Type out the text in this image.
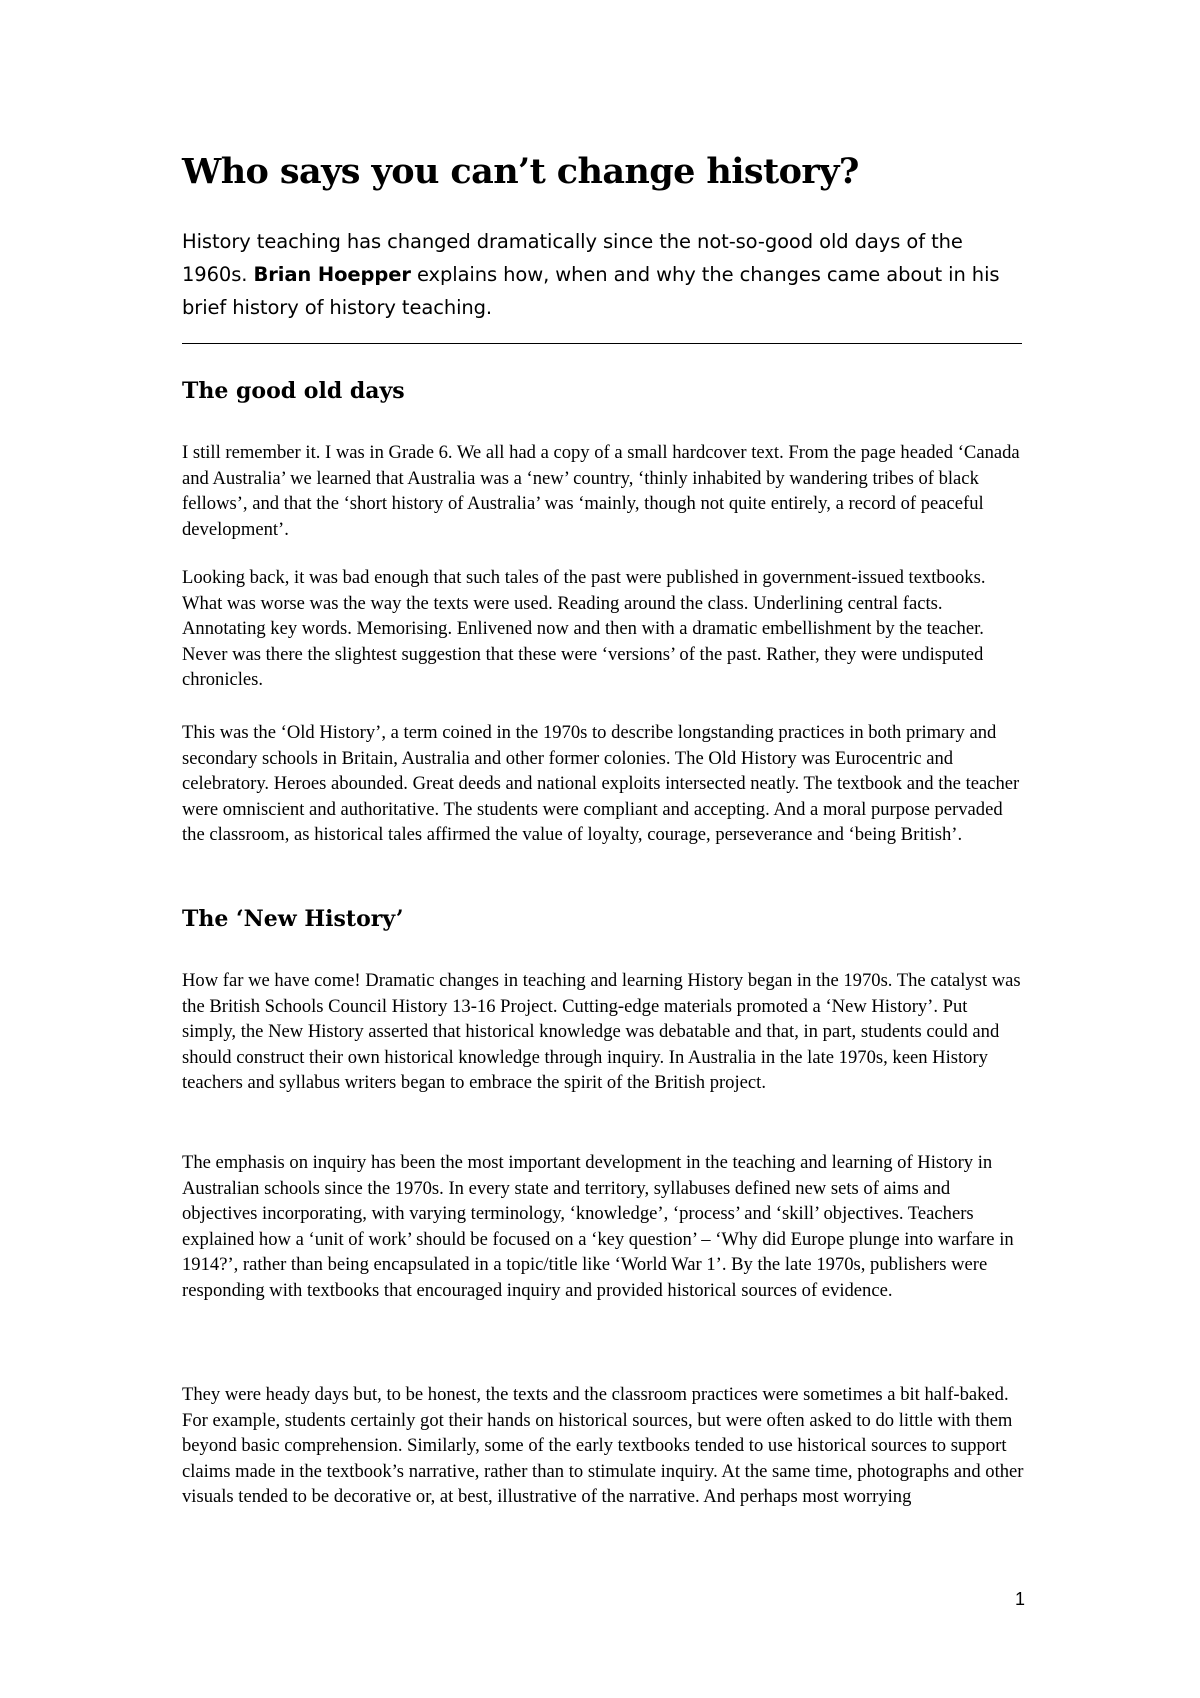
Who says you can’t change history?

History teaching has changed dramatically since the not-so-good old days of the 1960s. Brian Hoepper explains how, when and why the changes came about in his brief history of history teaching.

The good old days

I still remember it. I was in Grade 6. We all had a copy of a small hardcover text. From the page headed ‘Canada and Australia’ we learned that Australia was a ‘new’ country, ‘thinly inhabited by wandering tribes of black fellows’, and that the ‘short history of Australia’ was ‘mainly, though not quite entirely, a record of peaceful development’.

Looking back, it was bad enough that such tales of the past were published in government-issued textbooks. What was worse was the way the texts were used. Reading around the class. Underlining central facts. Annotating key words. Memorising. Enlivened now and then with a dramatic embellishment by the teacher. Never was there the slightest suggestion that these were ‘versions’ of the past. Rather, they were undisputed chronicles.

This was the ‘Old History’, a term coined in the 1970s to describe longstanding practices in both primary and secondary schools in Britain, Australia and other former colonies. The Old History was Eurocentric and celebratory. Heroes abounded. Great deeds and national exploits intersected neatly. The textbook and the teacher were omniscient and authoritative. The students were compliant and accepting. And a moral purpose pervaded the classroom, as historical tales affirmed the value of loyalty, courage, perseverance and ‘being British’.

The ‘New History’

How far we have come! Dramatic changes in teaching and learning History began in the 1970s. The catalyst was the British Schools Council History 13-16 Project. Cutting-edge materials promoted a ‘New History’. Put simply, the New History asserted that historical knowledge was debatable and that, in part, students could and should construct their own historical knowledge through inquiry. In Australia in the late 1970s, keen History teachers and syllabus writers began to embrace the spirit of the British project.

The emphasis on inquiry has been the most important development in the teaching and learning of History in Australian schools since the 1970s. In every state and territory, syllabuses defined new sets of aims and objectives incorporating, with varying terminology, ‘knowledge’, ‘process’ and ‘skill’ objectives. Teachers explained how a ‘unit of work’ should be focused on a ‘key question’ – ‘Why did Europe plunge into warfare in 1914?’, rather than being encapsulated in a topic/title like ‘World War 1’. By the late 1970s, publishers were responding with textbooks that encouraged inquiry and provided historical sources of evidence.

They were heady days but, to be honest, the texts and the classroom practices were sometimes a bit half-baked. For example, students certainly got their hands on historical sources, but were often asked to do little with them beyond basic comprehension. Similarly, some of the early textbooks tended to use historical sources to support claims made in the textbook’s narrative, rather than to stimulate inquiry. At the same time, photographs and other visuals tended to be decorative or, at best, illustrative of the narrative. And perhaps most worrying

1
